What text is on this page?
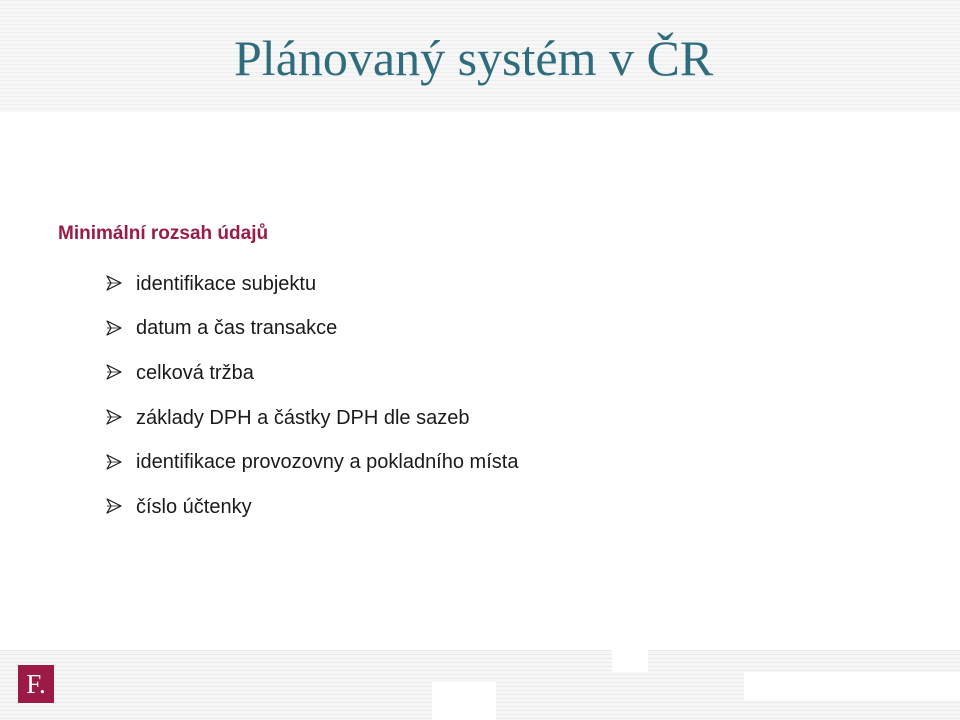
Plánovaný systém v ČR
Minimální rozsah údajů
identifikace subjektu
datum a čas transakce
celková tržba
základy DPH a částky DPH dle sazeb
identifikace provozovny a pokladního místa
číslo účtenky
F.
